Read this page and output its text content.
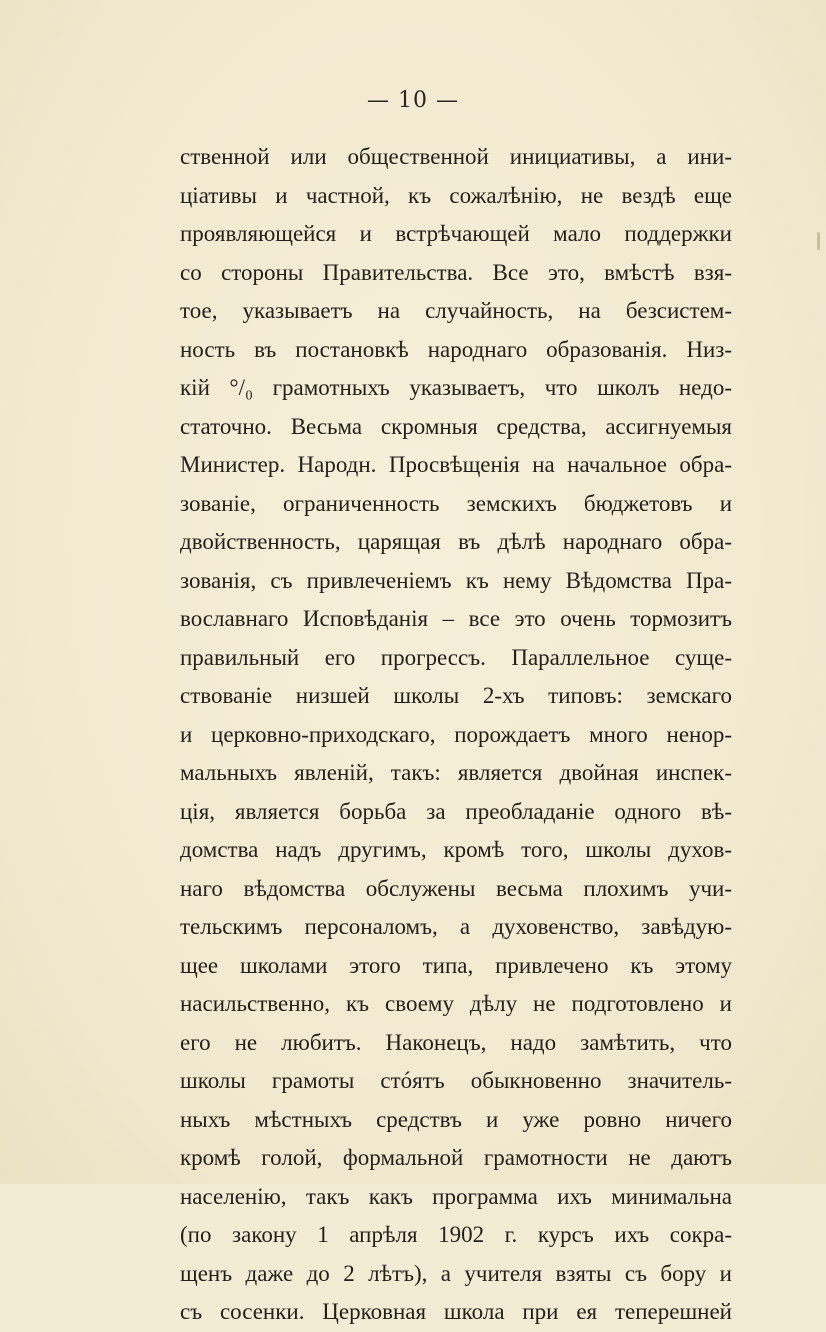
— 10 —
ственной или общественной инициативы, а ини-
ціативы и частной, къ сожалѣнію, не вездѣ еще
проявляющейся и встрѣчающей мало поддержки
со стороны Правительства. Все это, вмѣстѣ взя-
тое, указываетъ на случайность, на безсистем-
ность въ постановкѣ народнаго образованія. Низ-
кій °/₀ грамотныхъ указываетъ, что школъ недо-
статочно. Весьма скромныя средства, ассигнуемыя
Министер. Народн. Просвѣщенія на начальное обра-
зованіе, ограниченность земскихъ бюджетовъ и
двойственность, царящая въ дѣлѣ народнаго обра-
зованія, съ привлеченіемъ къ нему Вѣдомства Пра-
вославнаго Исповѣданія – все это очень тормозитъ
правильный его прогрессъ. Параллельное суще-
ствованіе низшей школы 2-хъ типовъ: земскаго
и церковно-приходскаго, порождаетъ много ненор-
мальныхъ явленій, такъ: является двойная инспек-
ція, является борьба за преобладаніе одного вѣ-
домства надъ другимъ, кромѣ того, школы духов-
наго вѣдомства обслужены весьма плохимъ учи-
тельскимъ персоналомъ, а духовенство, завѣдую-
щее школами этого типа, привлечено къ этому
насильственно, къ своему дѣлу не подготовлено и
его не любитъ. Наконецъ, надо замѣтить, что
школы грамоты стóятъ обыкновенно значитель-
ныхъ мѣстныхъ средствъ и уже ровно ничего
кромѣ голой, формальной грамотности не даютъ
населенію, такъ какъ программа ихъ минимальна
(по закону 1 апрѣля 1902 г. курсъ ихъ сокра-
щенъ даже до 2 лѣтъ), а учителя взяты съ бору и
съ сосенки. Церковная школа при ея теперешней
